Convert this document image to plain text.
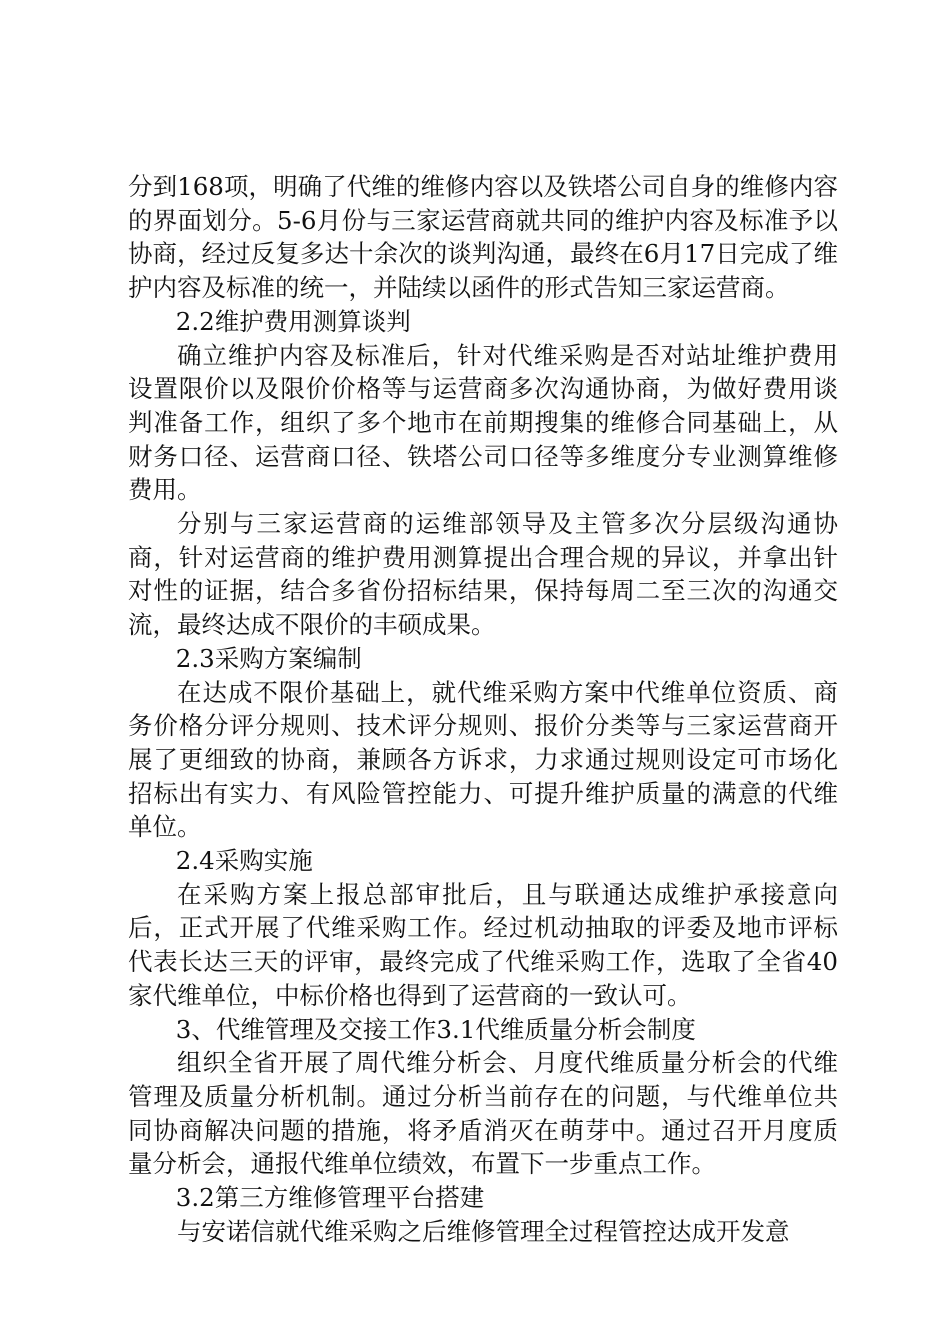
分到168项，明确了代维的维修内容以及铁塔公司自身的维修内容的界面划分。5-6月份与三家运营商就共同的维护内容及标准予以协商，经过反复多达十余次的谈判沟通，最终在6月17日完成了维护内容及标准的统一，并陆续以函件的形式告知三家运营商。

2.2维护费用测算谈判

确立维护内容及标准后，针对代维采购是否对站址维护费用设置限价以及限价价格等与运营商多次沟通协商，为做好费用谈判准备工作，组织了多个地市在前期搜集的维修合同基础上，从财务口径、运营商口径、铁塔公司口径等多维度分专业测算维修费用。

分别与三家运营商的运维部领导及主管多次分层级沟通协商，针对运营商的维护费用测算提出合理合规的异议，并拿出针对性的证据，结合多省份招标结果，保持每周二至三次的沟通交流，最终达成不限价的丰硕成果。

2.3采购方案编制

在达成不限价基础上，就代维采购方案中代维单位资质、商务价格分评分规则、技术评分规则、报价分类等与三家运营商开展了更细致的协商，兼顾各方诉求，力求通过规则设定可市场化招标出有实力、有风险管控能力、可提升维护质量的满意的代维单位。

2.4采购实施

在采购方案上报总部审批后，且与联通达成维护承接意向后，正式开展了代维采购工作。经过机动抽取的评委及地市评标代表长达三天的评审，最终完成了代维采购工作，选取了全省40家代维单位，中标价格也得到了运营商的一致认可。

3、代维管理及交接工作3.1代维质量分析会制度

组织全省开展了周代维分析会、月度代维质量分析会的代维管理及质量分析机制。通过分析当前存在的问题，与代维单位共同协商解决问题的措施，将矛盾消灭在萌芽中。通过召开月度质量分析会，通报代维单位绩效，布置下一步重点工作。

3.2第三方维修管理平台搭建

与安诺信就代维采购之后维修管理全过程管控达成开发意
